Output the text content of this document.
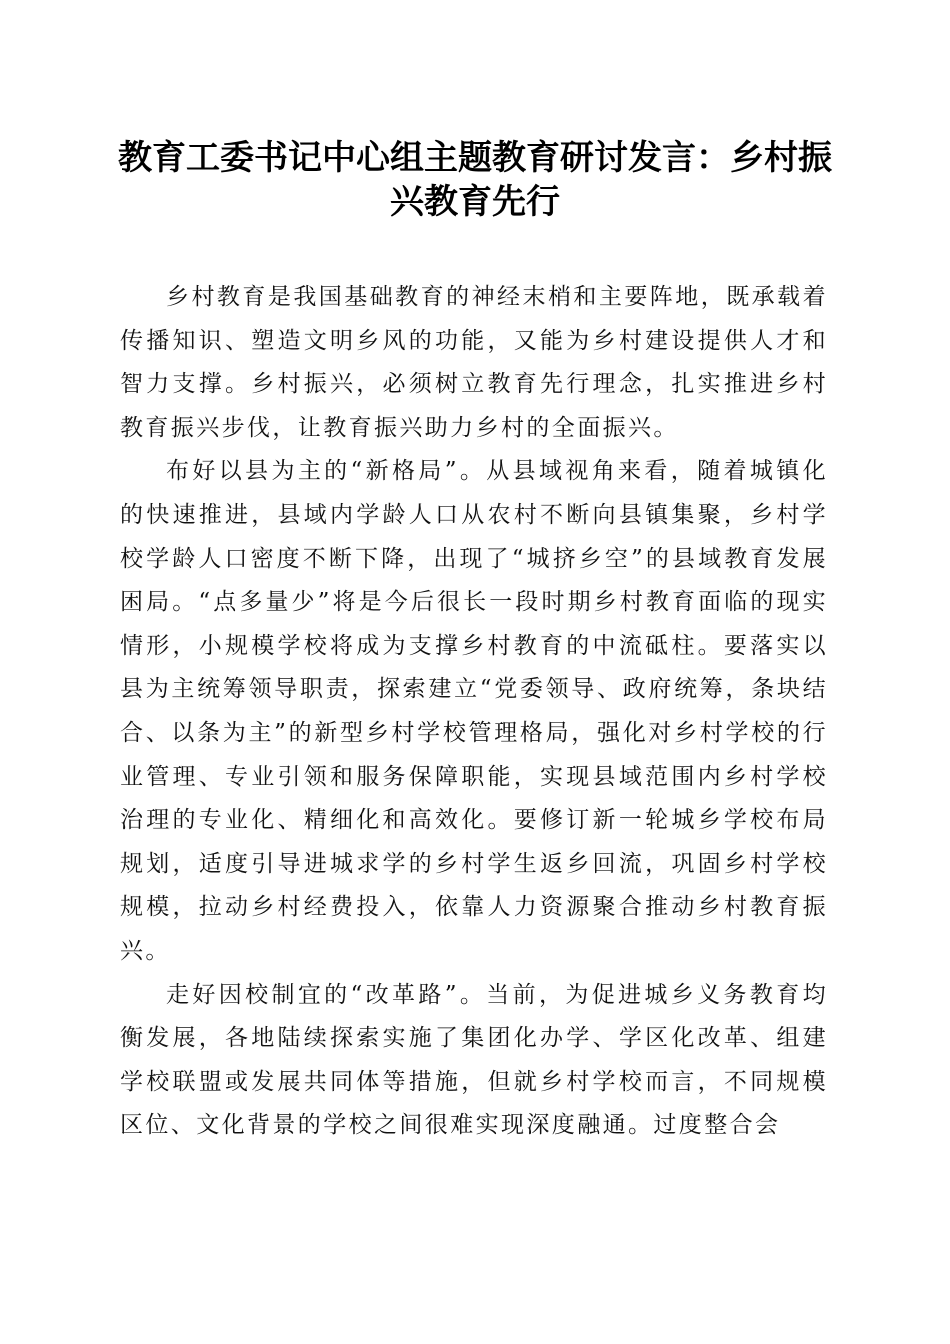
教育工委书记中心组主题教育研讨发言：乡村振兴教育先行

乡村教育是我国基础教育的神经末梢和主要阵地，既承载着传播知识、塑造文明乡风的功能，又能为乡村建设提供人才和智力支撑。乡村振兴，必须树立教育先行理念，扎实推进乡村教育振兴步伐，让教育振兴助力乡村的全面振兴。

布好以县为主的“新格局”。从县域视角来看，随着城镇化的快速推进，县域内学龄人口从农村不断向县镇集聚，乡村学校学龄人口密度不断下降，出现了“城挤乡空”的县域教育发展困局。“点多量少”将是今后很长一段时期乡村教育面临的现实情形，小规模学校将成为支撑乡村教育的中流砥柱。要落实以县为主统筹领导职责，探索建立“党委领导、政府统筹，条块结合、以条为主”的新型乡村学校管理格局，强化对乡村学校的行业管理、专业引领和服务保障职能，实现县域范围内乡村学校治理的专业化、精细化和高效化。要修订新一轮城乡学校布局规划，适度引导进城求学的乡村学生返乡回流，巩固乡村学校规模，拉动乡村经费投入，依靠人力资源聚合推动乡村教育振兴。

走好因校制宜的“改革路”。当前，为促进城乡义务教育均衡发展，各地陆续探索实施了集团化办学、学区化改革、组建学校联盟或发展共同体等措施，但就乡村学校而言，不同规模区位、文化背景的学校之间很难实现深度融通。过度整合会
